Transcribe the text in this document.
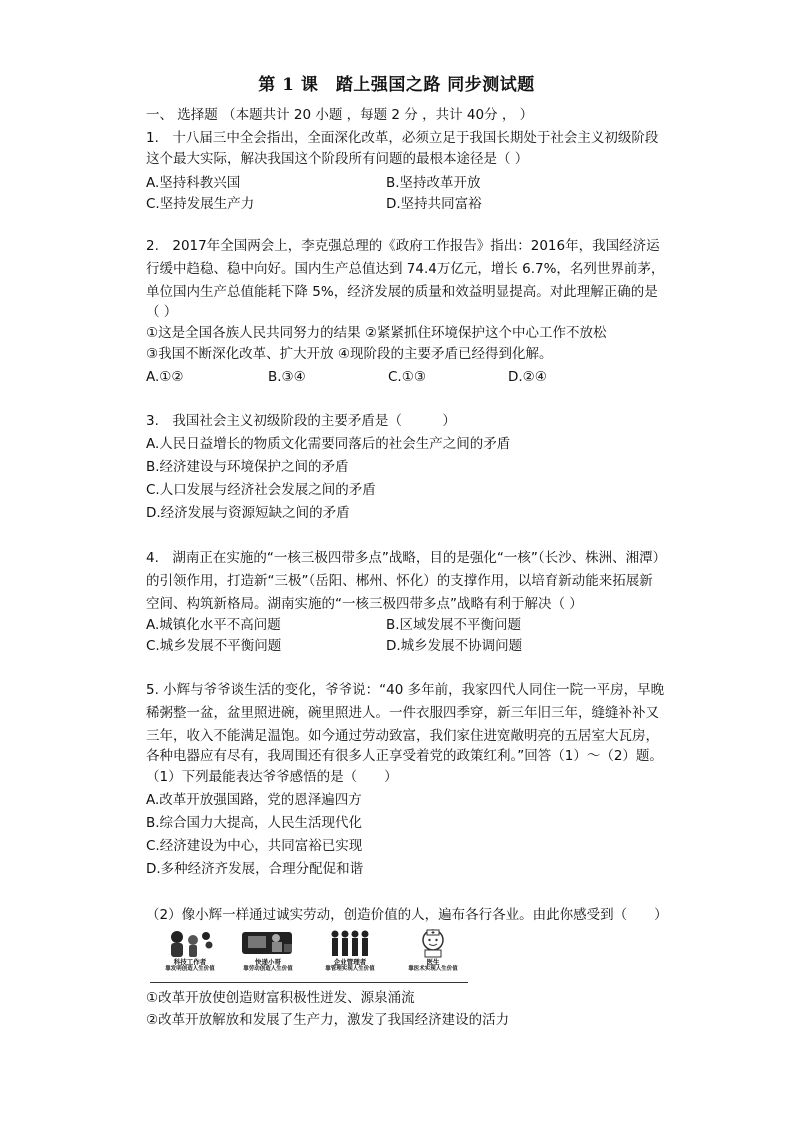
第 1 课　踏上强国之路 同步测试题
一、 选择题 （本题共计 20 小题 ，每题 2 分 ，共计 40分 ， ）
1.　十八届三中全会指出，全面深化改革，必须立足于我国长期处于社会主义初级阶段
这个最大实际，解决我国这个阶段所有问题的最根本途径是（ ）
A.坚持科教兴国	B.坚持改革开放
C.坚持发展生产力	D.坚持共同富裕
2.　2017年全国两会上，李克强总理的《政府工作报告》指出：2016年，我国经济运
行缓中趋稳、稳中向好。国内生产总值达到 74.4万亿元，增长 6.7%，名列世界前茅，
单位国内生产总值能耗下降 5%，经济发展的质量和效益明显提高。对此理解正确的是
（ ）
①这是全国各族人民共同努力的结果 ②紧紧抓住环境保护这个中心工作不放松
③我国不断深化改革、扩大开放 ④现阶段的主要矛盾已经得到化解。
A.①②	B.③④	C.①③	D.②④
3.　我国社会主义初级阶段的主要矛盾是（　　　）
A.人民日益增长的物质文化需要同落后的社会生产之间的矛盾
B.经济建设与环境保护之间的矛盾
C.人口发展与经济社会发展之间的矛盾
D.经济发展与资源短缺之间的矛盾
4.　湖南正在实施的“一核三极四带多点”战略，目的是强化“一核”（长沙、株洲、湘潭）
的引领作用，打造新“三极”（岳阳、郴州、怀化）的支撑作用，以培育新动能来拓展新
空间、构筑新格局。湖南实施的“一核三极四带多点”战略有利于解决（ ）
A.城镇化水平不高问题	B.区域发展不平衡问题
C.城乡发展不平衡问题	D.城乡发展不协调问题
5. 小辉与爷爷谈生活的变化，爷爷说：“40 多年前，我家四代人同住一院一平房，早晚
稀粥整一盆，盆里照进碗，碗里照进人。一件衣服四季穿，新三年旧三年，缝缝补补又
三年，收入不能满足温饱。如今通过劳动致富，我们家住进宽敞明亮的五居室大瓦房，
各种电器应有尽有，我周围还有很多人正享受着党的政策红利。”回答（1）～（2）题。
（1）下列最能表达爷爷感悟的是（　　）
A.改革开放强国路，党的恩泽遍四方
B.综合国力大提高，人民生活现代化
C.经济建设为中心，共同富裕已实现
D.多种经济齐发展，合理分配促和谐
（2）像小辉一样通过诚实劳动，创造价值的人，遍布各行各业。由此你感受到（　　）
科技工作者
靠发明创造人生价值
快递小哥
靠劳动创造人生价值
企业管理者
靠管理实现人生价值
医生
靠医术实现人生价值
①改革开放使创造财富积极性迸发、源泉涌流
②改革开放解放和发展了生产力，激发了我国经济建设的活力
